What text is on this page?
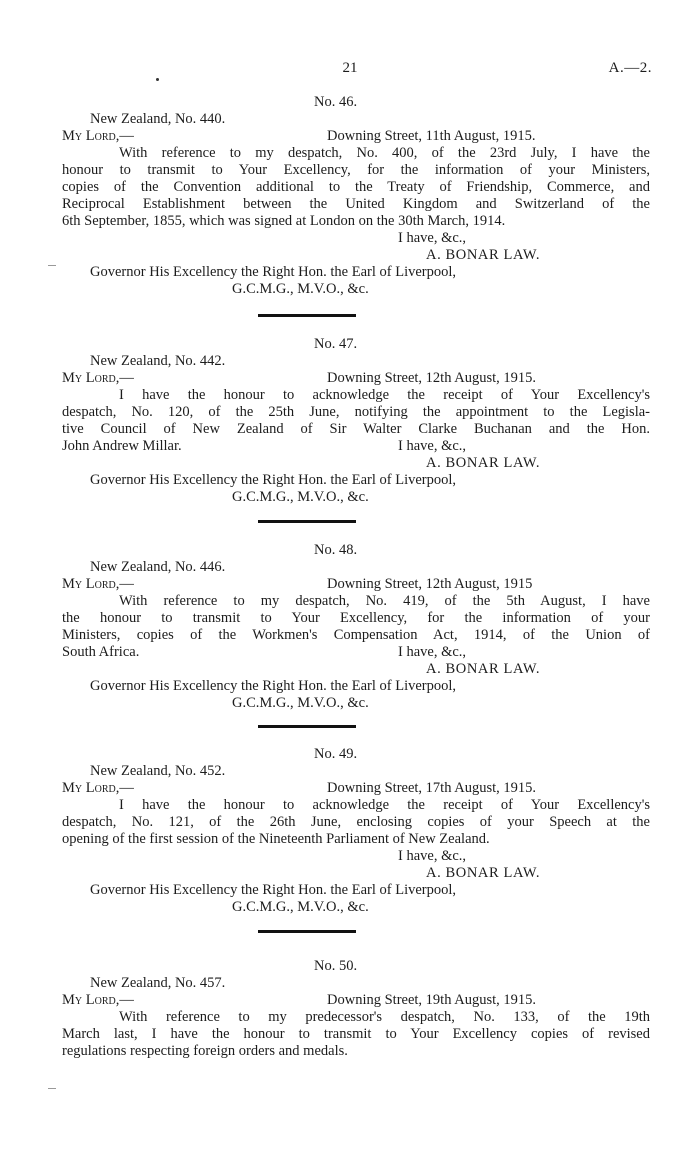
21	A.—2.
No. 46.
New Zealand, No. 440.
My Lord,—	Downing Street, 11th August, 1915.
With reference to my despatch, No. 400, of the 23rd July, I have the
honour to transmit to Your Excellency, for the information of your Ministers,
copies of the Convention additional to the Treaty of Friendship, Commerce, and
Reciprocal Establishment between the United Kingdom and Switzerland of the
6th September, 1855, which was signed at London on the 30th March, 1914.
I have, &c.,
A. BONAR LAW.
Governor His Excellency the Right Hon. the Earl of Liverpool,
G.C.M.G., M.V.O., &c.
No. 47.
New Zealand, No. 442.
My Lord,—	Downing Street, 12th August, 1915.
I have the honour to acknowledge the receipt of Your Excellency's
despatch, No. 120, of the 25th June, notifying the appointment to the Legisla-
tive Council of New Zealand of Sir Walter Clarke Buchanan and the Hon.
John Andrew Millar.	I have, &c.,
A. BONAR LAW.
Governor His Excellency the Right Hon. the Earl of Liverpool,
G.C.M.G., M.V.O., &c.
No. 48.
New Zealand, No. 446.
My Lord,—	Downing Street, 12th August, 1915
With reference to my despatch, No. 419, of the 5th August, I have
the honour to transmit to Your Excellency, for the information of your
Ministers, copies of the Workmen's Compensation Act, 1914, of the Union of
South Africa.	I have, &c.,
A. BONAR LAW.
Governor His Excellency the Right Hon. the Earl of Liverpool,
G.C.M.G., M.V.O., &c.
No. 49.
New Zealand, No. 452.
My Lord,—	Downing Street, 17th August, 1915.
I have the honour to acknowledge the receipt of Your Excellency's
despatch, No. 121, of the 26th June, enclosing copies of your Speech at the
opening of the first session of the Nineteenth Parliament of New Zealand.
I have, &c.,
A. BONAR LAW.
Governor His Excellency the Right Hon. the Earl of Liverpool,
G.C.M.G., M.V.O., &c.
No. 50.
New Zealand, No. 457.
My Lord,—	Downing Street, 19th August, 1915.
With reference to my predecessor's despatch, No. 133, of the 19th
March last, I have the honour to transmit to Your Excellency copies of revised
regulations respecting foreign orders and medals.
